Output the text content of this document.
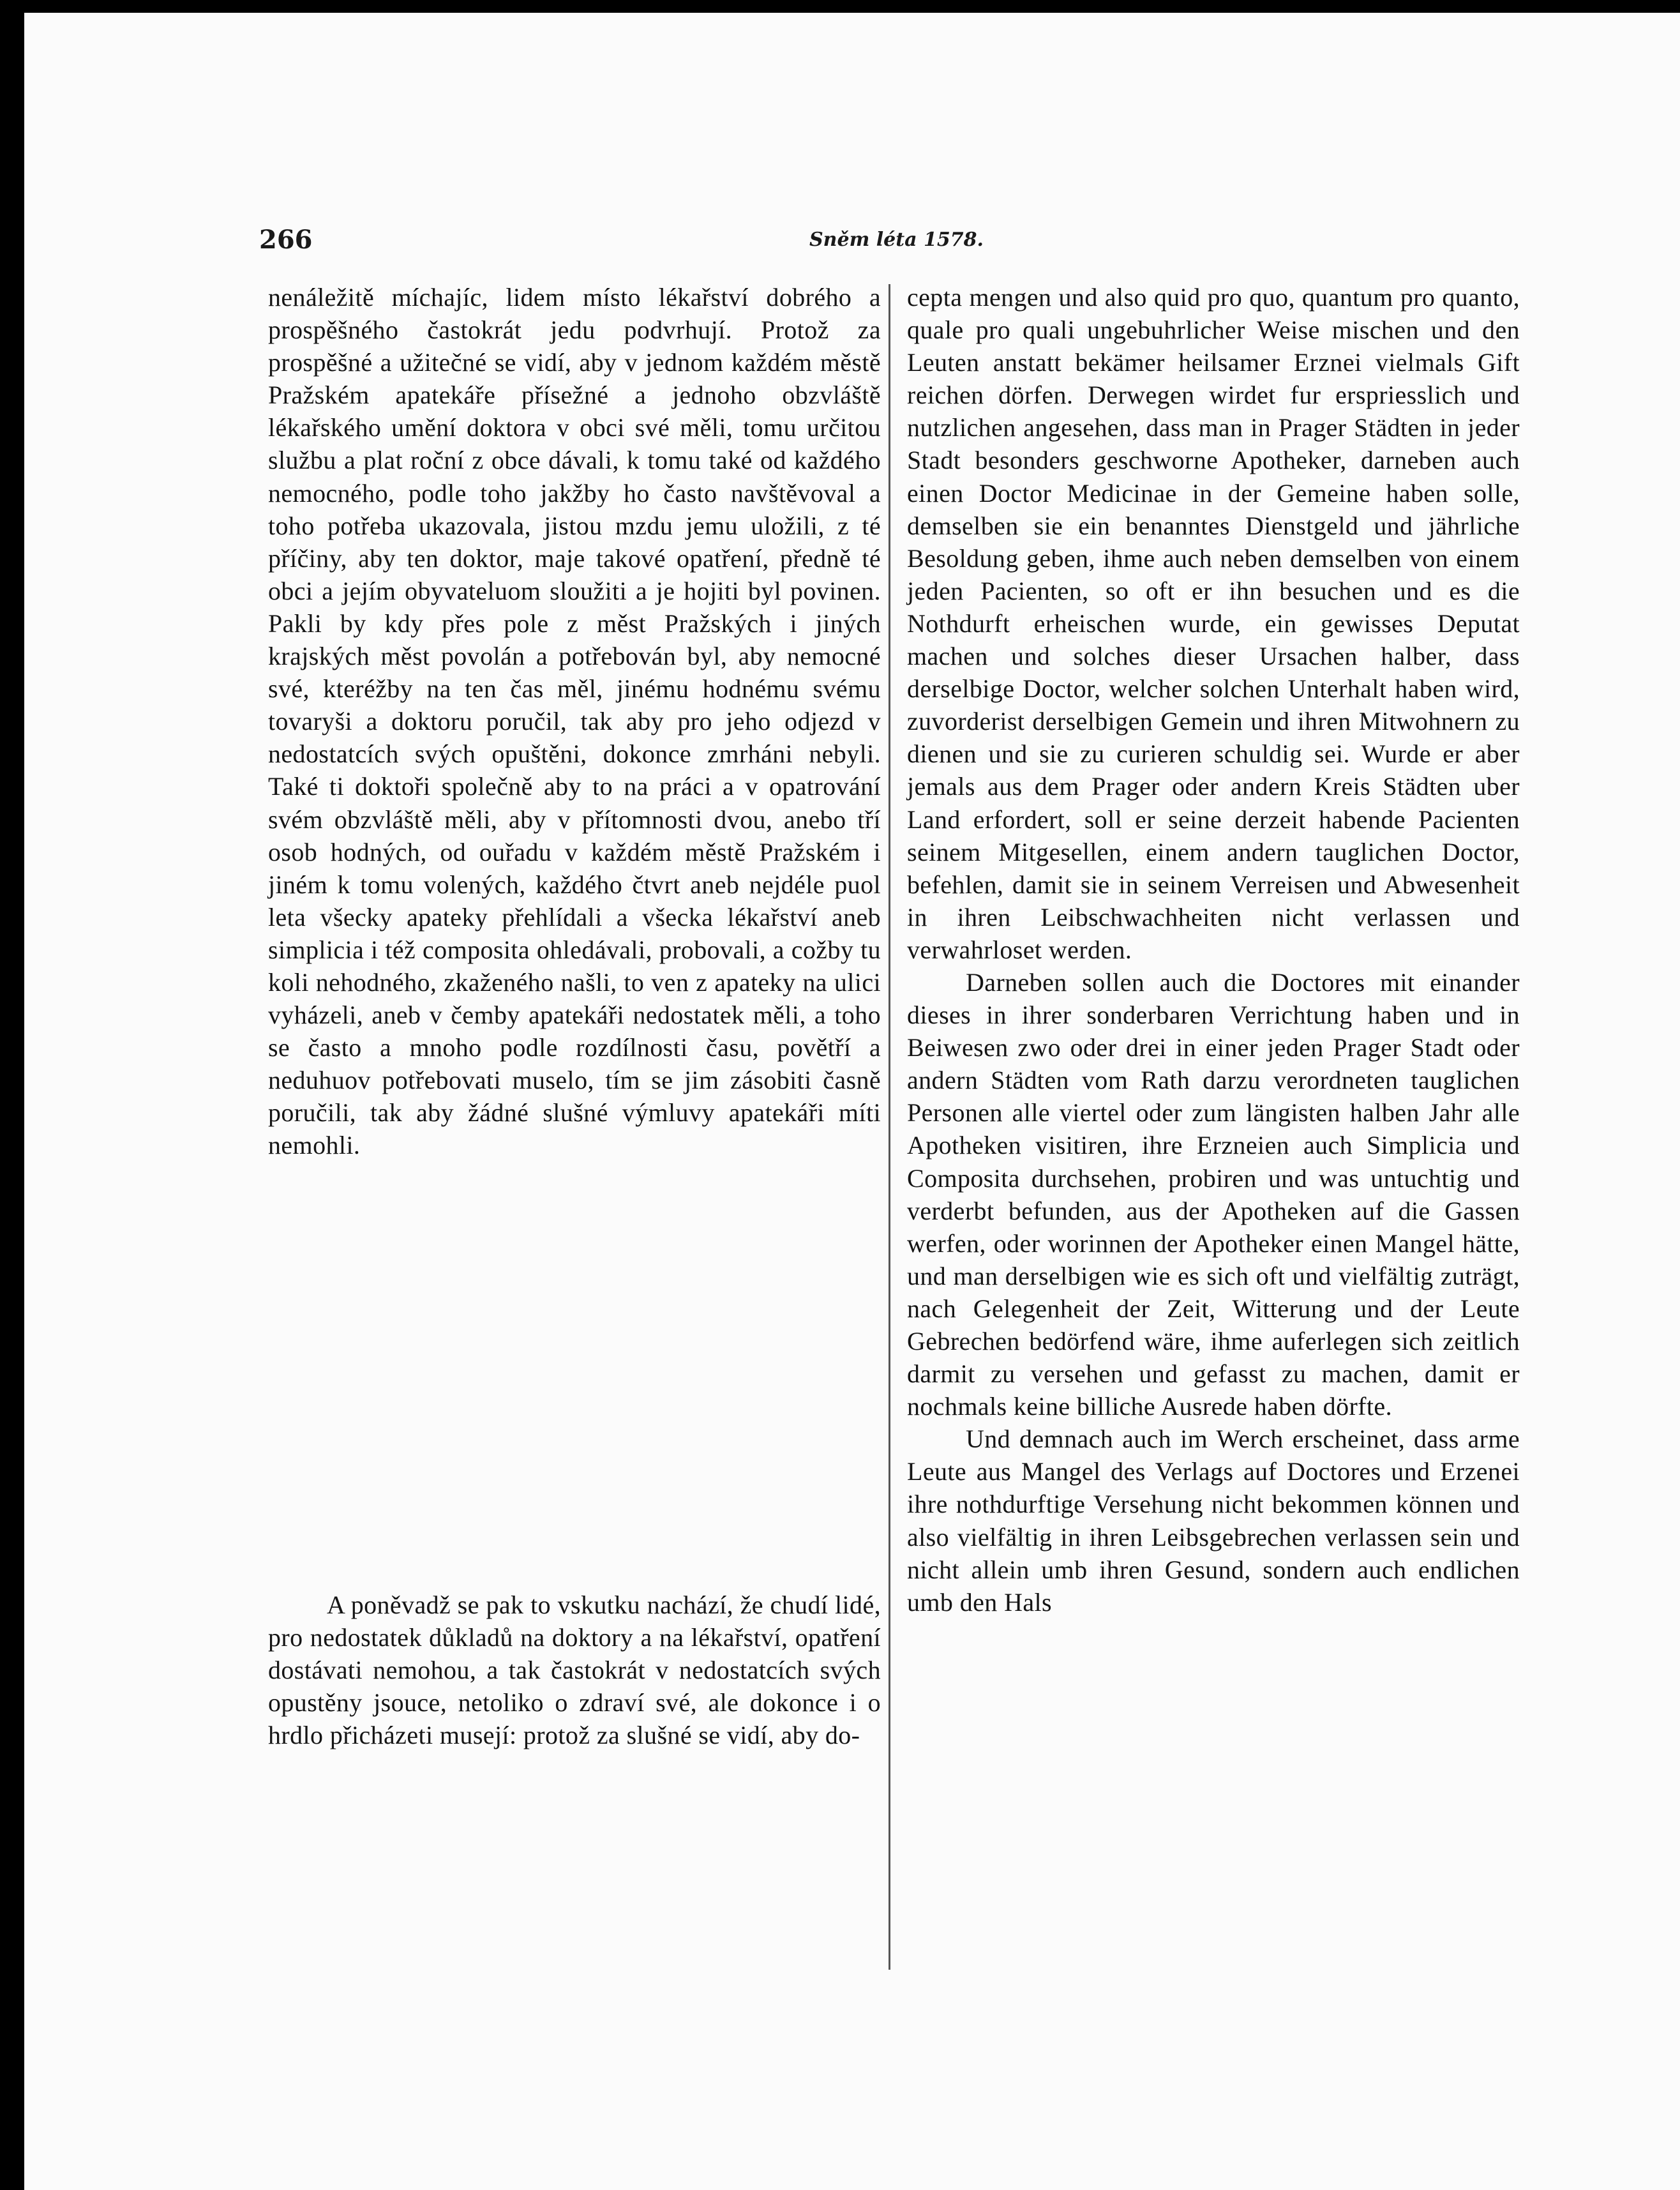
266	Sněm léta 1578.

nenáležitě míchajíc, lidem místo lékařství dobrého a prospěšného častokrát jedu podvrhují. Protož za prospěšné a užitečné se vidí, aby v jednom každém městě Pražském apatekáře přísežné a jednoho obzvláště lékařského umění doktora v obci své měli, tomu určitou službu a plat roční z obce dávali, k tomu také od každého nemocného, podle toho jakžby ho často navštěvoval a toho potřeba ukazovala, jistou mzdu jemu uložili, z té příčiny, aby ten doktor, maje takové opatření, předně té obci a jejím obyvateluom sloužiti a je hojiti byl povinen. Pakli by kdy přes pole z měst Pražských i jiných krajských měst povolán a potřebován byl, aby nemocné své, kteréžby na ten čas měl, jinému hodnému svému tovaryši a doktoru poručil, tak aby pro jeho odjezd v nedostatcích svých opuštěni, dokonce zmrháni nebyli. Také ti doktoři společně aby to na práci a v opatrování svém obzvláště měli, aby v přítomnosti dvou, anebo tří osob hodných, od ouřadu v každém městě Pražském i jiném k tomu volených, každého čtvrt aneb nejdéle puol leta všecky apateky přehlídali a všecka lékařství aneb simplicia i též composita ohledávali, probovali, a cožby tu koli nehodného, zkaženého našli, to ven z apateky na ulici vyházeli, aneb v čemby apatekáři nedostatek měli, a toho se často a mnoho podle rozdílnosti času, povětří a neduhuov potřebovati muselo, tím se jim zásobiti časně poručili, tak aby žádné slušné výmluvy apatekáři míti nemohli.

A poněvadž se pak to vskutku nachází, že chudí lidé, pro nedostatek důkladů na doktory a na lékařství, opatření dostávati nemohou, a tak častokrát v nedostatcích svých opustěny jsouce, netoliko o zdraví své, ale dokonce i o hrdlo přicházeti musejí: protož za slušné se vidí, aby do-

cepta mengen und also quid pro quo, quantum pro quanto, quale pro quali ungebuhrlicher Weise mischen und den Leuten anstatt bekämer heilsamer Erznei vielmals Gift reichen dörfen. Derwegen wirdet fur erspriesslich und nutzlichen angesehen, dass man in Prager Städten in jeder Stadt besonders geschworne Apotheker, darneben auch einen Doctor Medicinae in der Gemeine haben solle, demselben sie ein benanntes Dienstgeld und jährliche Besoldung geben, ihme auch neben demselben von einem jeden Pacienten, so oft er ihn besuchen und es die Nothdurft erheischen wurde, ein gewisses Deputat machen und solches dieser Ursachen halber, dass derselbige Doctor, welcher solchen Unterhalt haben wird, zuvorderist derselbigen Gemein und ihren Mitwohnern zu dienen und sie zu curieren schuldig sei. Wurde er aber jemals aus dem Prager oder andern Kreis Städten uber Land erfordert, soll er seine derzeit habende Pacienten seinem Mitgesellen, einem andern tauglichen Doctor, befehlen, damit sie in seinem Verreisen und Abwesenheit in ihren Leibschwachheiten nicht verlassen und verwahrloset werden.

Darneben sollen auch die Doctores mit einander dieses in ihrer sonderbaren Verrichtung haben und in Beiwesen zwo oder drei in einer jeden Prager Stadt oder andern Städten vom Rath darzu verordneten tauglichen Personen alle viertel oder zum längisten halben Jahr alle Apotheken visitiren, ihre Erzneien auch Simplicia und Composita durchsehen, probiren und was untuchtig und verderbt befunden, aus der Apotheken auf die Gassen werfen, oder worinnen der Apotheker einen Mangel hätte, und man derselbigen wie es sich oft und vielfältig zuträgt, nach Gelegenheit der Zeit, Witterung und der Leute Gebrechen bedörfend wäre, ihme auferlegen sich zeitlich darmit zu versehen und gefasst zu machen, damit er nochmals keine billiche Ausrede haben dörfte.

Und demnach auch im Werch erscheinet, dass arme Leute aus Mangel des Verlags auf Doctores und Erzenei ihre nothdurftige Versehung nicht bekommen können und also vielfältig in ihren Leibsgebrechen verlassen sein und nicht allein umb ihren Gesund, sondern auch endlichen umb den Hals
